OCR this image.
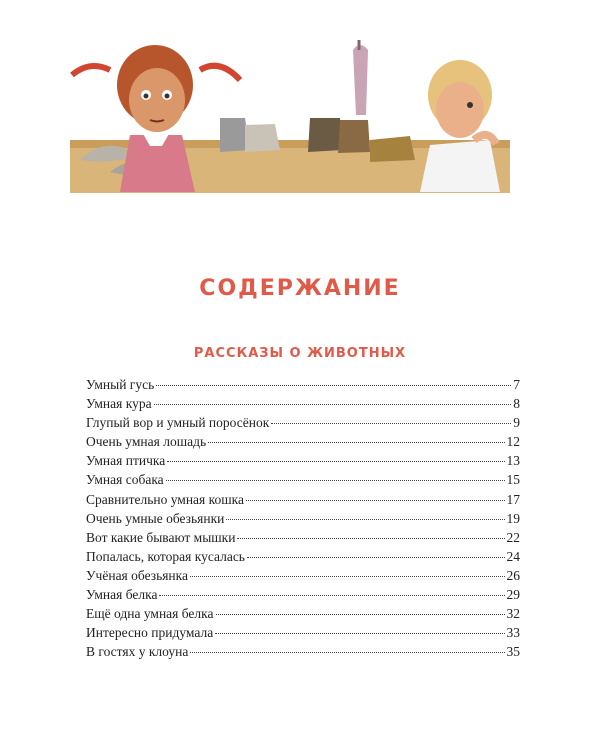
СОДЕРЖАНИЕ
РАССКАЗЫ О ЖИВОТНЫХ
Умный гусь	7
Умная кура	8
Глупый вор и умный поросёнок	9
Очень умная лошадь	12
Умная птичка	13
Умная собака	15
Сравнительно умная кошка	17
Очень умные обезьянки	19
Вот какие бывают мышки	22
Попалась, которая кусалась	24
Учёная обезьянка	26
Умная белка	29
Ещё одна умная белка	32
Интересно придумала	33
В гостях у клоуна	35
